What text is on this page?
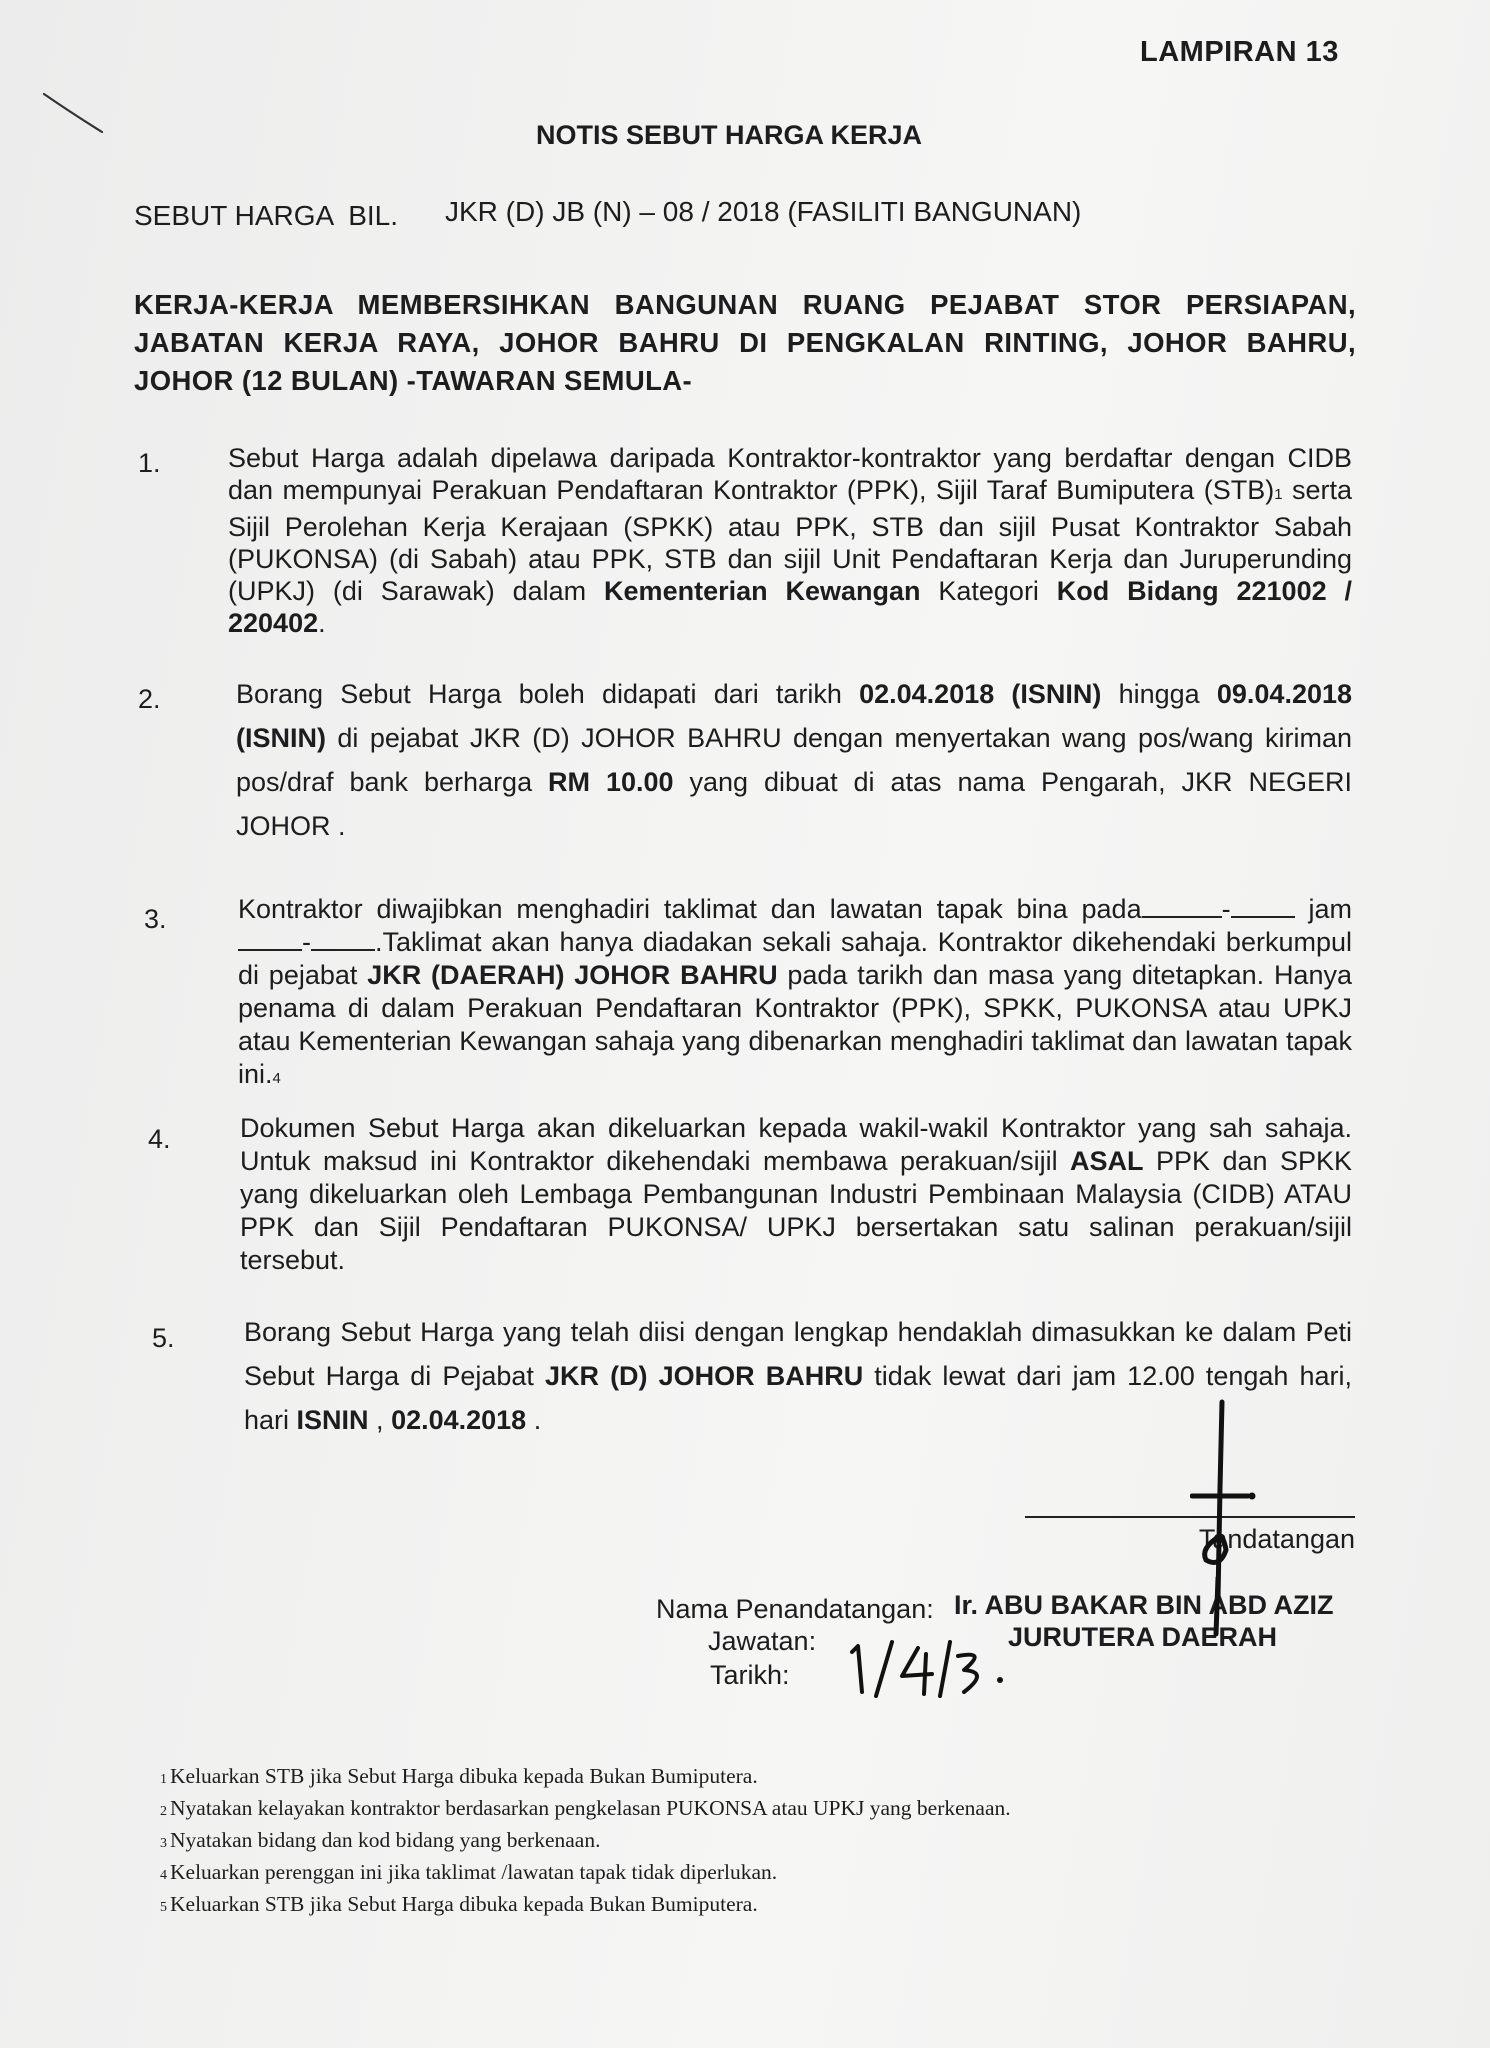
LAMPIRAN 13
NOTIS SEBUT HARGA KERJA
SEBUT HARGA  BIL. JKR (D) JB (N) – 08 / 2018 (FASILITI BANGUNAN)
KERJA-KERJA MEMBERSIHKAN BANGUNAN RUANG PEJABAT STOR PERSIAPAN, JABATAN KERJA RAYA, JOHOR BAHRU DI PENGKALAN RINTING, JOHOR BAHRU, JOHOR (12 BULAN) -TAWARAN SEMULA-
1. Sebut Harga adalah dipelawa daripada Kontraktor-kontraktor yang berdaftar dengan CIDB dan mempunyai Perakuan Pendaftaran Kontraktor (PPK), Sijil Taraf Bumiputera (STB)1 serta Sijil Perolehan Kerja Kerajaan (SPKK) atau PPK, STB dan sijil Pusat Kontraktor Sabah (PUKONSA) (di Sabah) atau PPK, STB dan sijil Unit Pendaftaran Kerja dan Juruperunding (UPKJ) (di Sarawak) dalam Kementerian Kewangan Kategori Kod Bidang 221002 / 220402.
2.	Borang Sebut Harga boleh didapati dari tarikh 02.04.2018 (ISNIN) hingga 09.04.2018 (ISNIN) di pejabat JKR (D) JOHOR BAHRU dengan menyertakan wang pos/wang kiriman pos/draf bank berharga RM 10.00 yang dibuat di atas nama Pengarah, JKR NEGERI JOHOR .
3.	Kontraktor diwajibkan menghadiri taklimat dan lawatan tapak bina pada	- jam - .Taklimat akan hanya diadakan sekali sahaja. Kontraktor dikehendaki berkumpul di pejabat JKR (DAERAH) JOHOR BAHRU pada tarikh dan masa yang ditetapkan. Hanya penama di dalam Perakuan Pendaftaran Kontraktor (PPK), SPKK, PUKONSA atau UPKJ atau Kementerian Kewangan sahaja yang dibenarkan menghadiri taklimat dan lawatan tapak ini.4
4.	Dokumen Sebut Harga akan dikeluarkan kepada wakil-wakil Kontraktor yang sah sahaja. Untuk maksud ini Kontraktor dikehendaki membawa perakuan/sijil ASAL PPK dan SPKK yang dikeluarkan oleh Lembaga Pembangunan Industri Pembinaan Malaysia (CIDB) ATAU PPK dan Sijil Pendaftaran PUKONSA/ UPKJ bersertakan satu salinan perakuan/sijil tersebut.
5.	Borang Sebut Harga yang telah diisi dengan lengkap hendaklah dimasukkan ke dalam Peti Sebut Harga di Pejabat JKR (D) JOHOR BAHRU tidak lewat dari jam 12.00 tengah hari, hari ISNIN , 02.04.2018 .
Tandatangan
Nama Penandatangan: Ir. ABU BAKAR BIN ABD AZIZ
Jawatan:	JURUTERA DAERAH
Tarikh:
1 Keluarkan STB jika Sebut Harga dibuka kepada Bukan Bumiputera.
2 Nyatakan kelayakan kontraktor berdasarkan pengkelasan PUKONSA atau UPKJ yang berkenaan.
3 Nyatakan bidang dan kod bidang yang berkenaan.
4 Keluarkan perenggan ini jika taklimat /lawatan tapak tidak diperlukan.
5 Keluarkan STB jika Sebut Harga dibuka kepada Bukan Bumiputera.
